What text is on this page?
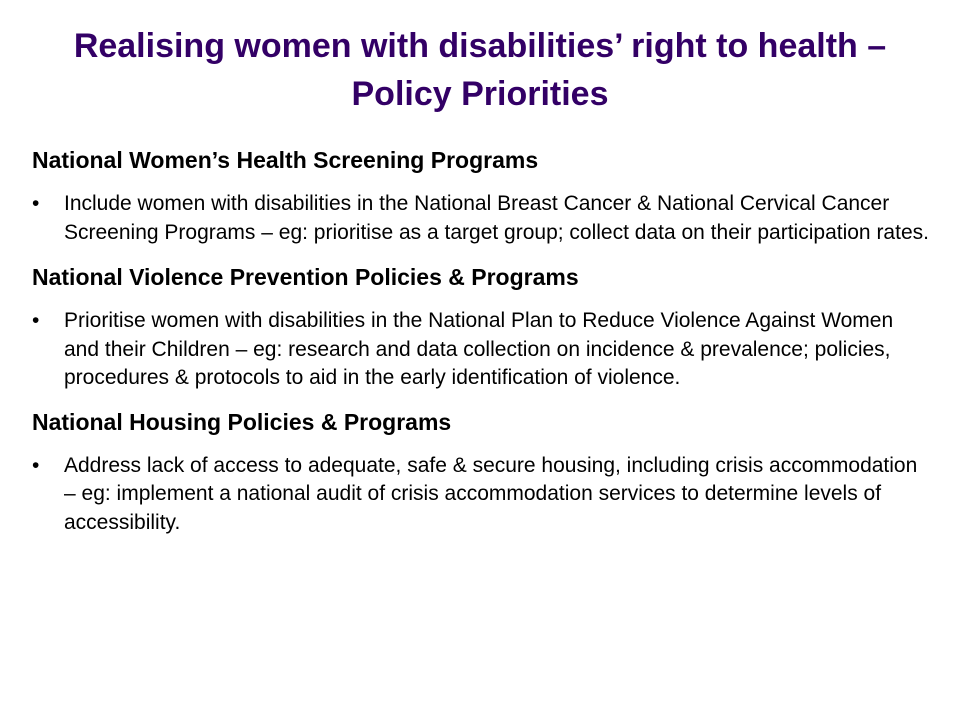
Realising women with disabilities’ right to health – Policy Priorities
National Women’s Health Screening Programs
•	Include women with disabilities in the National Breast Cancer & National Cervical Cancer Screening Programs – eg: prioritise as a target group; collect data on their participation rates.
National Violence Prevention Policies & Programs
•	Prioritise women with disabilities in the National Plan to Reduce Violence Against Women and their Children – eg: research and data collection on incidence & prevalence; policies, procedures & protocols to aid in the early identification of violence.
National Housing Policies & Programs
•	Address lack of access to adequate, safe & secure housing, including crisis accommodation – eg: implement a national audit of crisis accommodation services to determine levels of accessibility.
